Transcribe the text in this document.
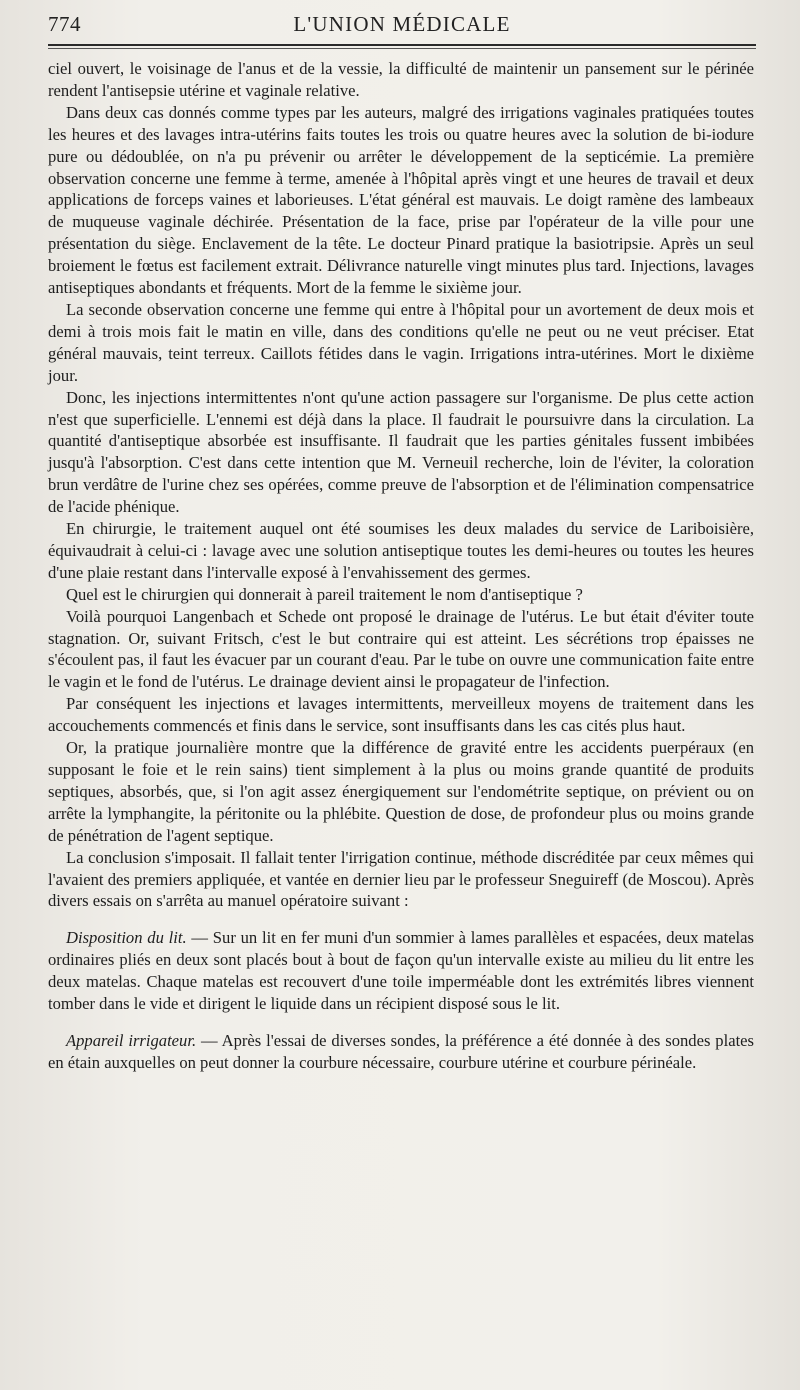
774	L'UNION MÉDICALE

ciel ouvert, le voisinage de l'anus et de la vessie, la difficulté de maintenir un pansement sur le périnée rendent l'antisepsie utérine et vaginale relative.

Dans deux cas donnés comme types par les auteurs, malgré des irrigations vaginales pratiquées toutes les heures et des lavages intra-utérins faits toutes les trois ou quatre heures avec la solution de bi-iodure pure ou dédoublée, on n'a pu prévenir ou arrêter le développement de la septicémie. La première observation concerne une femme à terme, amenée à l'hôpital après vingt et une heures de travail et deux applications de forceps vaines et laborieuses. L'état général est mauvais. Le doigt ramène des lambeaux de muqueuse vaginale déchirée. Présentation de la face, prise par l'opérateur de la ville pour une présentation du siège. Enclavement de la tête. Le docteur Pinard pratique la basiotripsie. Après un seul broiement le fœtus est facilement extrait. Délivrance naturelle vingt minutes plus tard. Injections, lavages antiseptiques abondants et fréquents. Mort de la femme le sixième jour.

La seconde observation concerne une femme qui entre à l'hôpital pour un avortement de deux mois et demi à trois mois fait le matin en ville, dans des conditions qu'elle ne peut ou ne veut préciser. Etat général mauvais, teint terreux. Caillots fétides dans le vagin. Irrigations intra-utérines. Mort le dixième jour.

Donc, les injections intermittentes n'ont qu'une action passagere sur l'organisme. De plus cette action n'est que superficielle. L'ennemi est déjà dans la place. Il faudrait le poursuivre dans la circulation. La quantité d'antiseptique absorbée est insuffisante. Il faudrait que les parties génitales fussent imbibées jusqu'à l'absorption. C'est dans cette intention que M. Verneuil recherche, loin de l'éviter, la coloration brun verdâtre de l'urine chez ses opérées, comme preuve de l'absorption et de l'élimination compensatrice de l'acide phénique.

En chirurgie, le traitement auquel ont été soumises les deux malades du service de Lariboisière, équivaudrait à celui-ci : lavage avec une solution antiseptique toutes les demi-heures ou toutes les heures d'une plaie restant dans l'intervalle exposé à l'envahissement des germes.

Quel est le chirurgien qui donnerait à pareil traitement le nom d'antiseptique ?

Voilà pourquoi Langenbach et Schede ont proposé le drainage de l'utérus. Le but était d'éviter toute stagnation. Or, suivant Fritsch, c'est le but contraire qui est atteint. Les sécrétions trop épaisses ne s'écoulent pas, il faut les évacuer par un courant d'eau. Par le tube on ouvre une communication faite entre le vagin et le fond de l'utérus. Le drainage devient ainsi le propagateur de l'infection.

Par conséquent les injections et lavages intermittents, merveilleux moyens de traitement dans les accouchements commencés et finis dans le service, sont insuffisants dans les cas cités plus haut.

Or, la pratique journalière montre que la différence de gravité entre les accidents puerpéraux (en supposant le foie et le rein sains) tient simplement à la plus ou moins grande quantité de produits septiques, absorbés, que, si l'on agit assez énergiquement sur l'endométrite septique, on prévient ou on arrête la lymphangite, la péritonite ou la phlébite. Question de dose, de profondeur plus ou moins grande de pénétration de l'agent septique.

La conclusion s'imposait. Il fallait tenter l'irrigation continue, méthode discréditée par ceux mêmes qui l'avaient des premiers appliquée, et vantée en dernier lieu par le professeur Sneguireff (de Moscou). Après divers essais on s'arrêta au manuel opératoire suivant :

Disposition du lit. — Sur un lit en fer muni d'un sommier à lames parallèles et espacées, deux matelas ordinaires pliés en deux sont placés bout à bout de façon qu'un intervalle existe au milieu du lit entre les deux matelas. Chaque matelas est recouvert d'une toile imperméable dont les extrémités libres viennent tomber dans le vide et dirigent le liquide dans un récipient disposé sous le lit.

Appareil irrigateur. — Après l'essai de diverses sondes, la préférence a été donnée à des sondes plates en étain auxquelles on peut donner la courbure nécessaire, courbure utérine et courbure périnéale.
